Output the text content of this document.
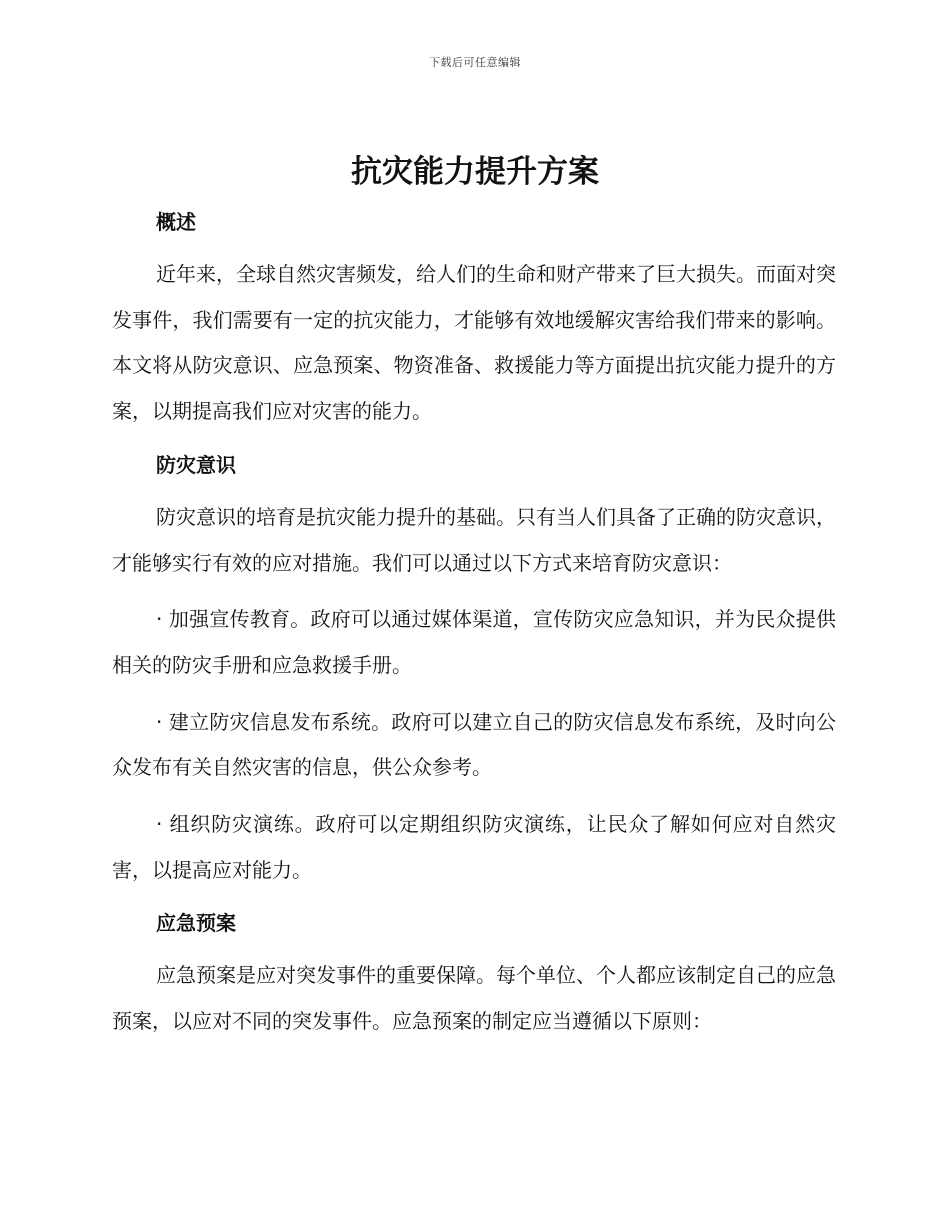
下载后可任意编辑
抗灾能力提升方案
概述

近年来，全球自然灾害频发，给人们的生命和财产带来了巨大损失。而面对突发事件，我们需要有一定的抗灾能力，才能够有效地缓解灾害给我们带来的影响。本文将从防灾意识、应急预案、物资准备、救援能力等方面提出抗灾能力提升的方案，以期提高我们应对灾害的能力。

防灾意识

防灾意识的培育是抗灾能力提升的基础。只有当人们具备了正确的防灾意识，才能够实行有效的应对措施。我们可以通过以下方式来培育防灾意识：

· 加强宣传教育。政府可以通过媒体渠道，宣传防灾应急知识，并为民众提供相关的防灾手册和应急救援手册。

· 建立防灾信息发布系统。政府可以建立自己的防灾信息发布系统，及时向公众发布有关自然灾害的信息，供公众参考。

· 组织防灾演练。政府可以定期组织防灾演练，让民众了解如何应对自然灾害，以提高应对能力。

应急预案

应急预案是应对突发事件的重要保障。每个单位、个人都应该制定自己的应急预案，以应对不同的突发事件。应急预案的制定应当遵循以下原则：
